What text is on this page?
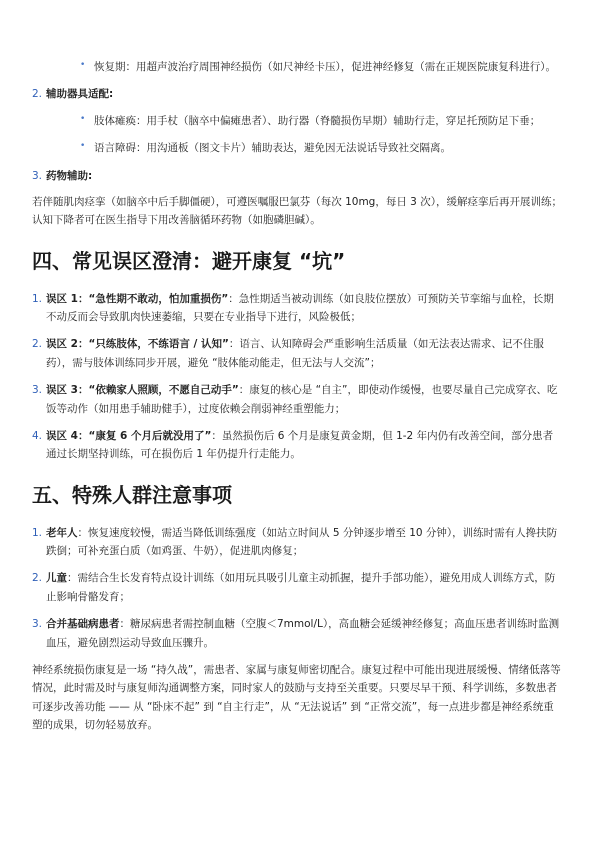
• 恢复期：用超声波治疗周围神经损伤（如尺神经卡压），促进神经修复（需在正规医院康复科进行）。
2. 辅助器具适配:
• 肢体瘫痪：用手杖（脑卒中偏瘫患者）、助行器（脊髓损伤早期）辅助行走，穿足托预防足下垂；
• 语言障碍：用沟通板（图文卡片）辅助表达，避免因无法说话导致社交隔离。
3. 药物辅助:

若伴随肌肉痉挛（如脑卒中后手脚僵硬），可遵医嘱服巴氯芬（每次 10mg，每日 3 次），缓解痉挛后再开展训练；认知下降者可在医生指导下用改善脑循环药物（如胞磷胆碱）。

四、常见误区澄清：避开康复 “坑”
1. 误区 1：“急性期不敢动，怕加重损伤”：急性期适当被动训练（如良肢位摆放）可预防关节挛缩与血栓，长期不动反而会导致肌肉快速萎缩，只要在专业指导下进行，风险极低；
2. 误区 2：“只练肢体，不练语言 / 认知”：语言、认知障碍会严重影响生活质量（如无法表达需求、记不住服药），需与肢体训练同步开展，避免 “肢体能动能走，但无法与人交流”；
3. 误区 3：“依赖家人照顾，不愿自己动手”：康复的核心是 “自主”，即使动作缓慢，也要尽量自己完成穿衣、吃饭等动作（如用患手辅助健手），过度依赖会削弱神经重塑能力；
4. 误区 4：“康复 6 个月后就没用了”：虽然损伤后 6 个月是康复黄金期，但 1-2 年内仍有改善空间，部分患者通过长期坚持训练，可在损伤后 1 年仍提升行走能力。
五、特殊人群注意事项
1. 老年人：恢复速度较慢，需适当降低训练强度（如站立时间从 5 分钟逐步增至 10 分钟），训练时需有人搀扶防跌倒；可补充蛋白质（如鸡蛋、牛奶），促进肌肉修复；
2. 儿童：需结合生长发育特点设计训练（如用玩具吸引儿童主动抓握，提升手部功能），避免用成人训练方式，防止影响骨骼发育；
3. 合并基础病患者：糖尿病患者需控制血糖（空腹＜7mmol/L），高血糖会延缓神经修复；高血压患者训练时监测血压，避免剧烈运动导致血压骤升。

神经系统损伤康复是一场 “持久战”，需患者、家属与康复师密切配合。康复过程中可能出现进展缓慢、情绪低落等情况，此时需及时与康复师沟通调整方案，同时家人的鼓励与支持至关重要。只要尽早干预、科学训练，多数患者可逐步改善功能 —— 从 “卧床不起” 到 “自主行走”，从 “无法说话” 到 “正常交流”，每一点进步都是神经系统重塑的成果，切勿轻易放弃。
